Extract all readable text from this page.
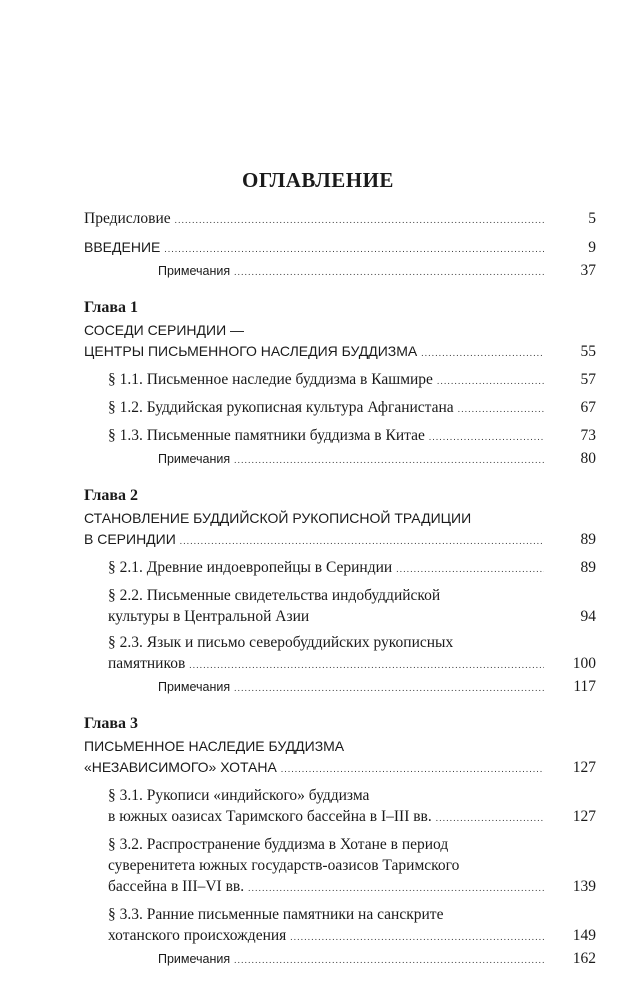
ОГЛАВЛЕНИЕ
Предисловие . . .	5
ВВЕДЕНИЕ . . .	9
Примечания . . .	37
Глава 1
СОСЕДИ СЕРИНДИИ —
ЦЕНТРЫ ПИСЬМЕННОГО НАСЛЕДИЯ БУДДИЗМА . . .	55
§ 1.1. Письменное наследие буддизма в Кашмире . . .	57
§ 1.2. Буддийская рукописная культура Афганистана . . .	67
§ 1.3. Письменные памятники буддизма в Китае . . .	73
Примечания . . .	80
Глава 2
СТАНОВЛЕНИЕ БУДДИЙСКОЙ РУКОПИСНОЙ ТРАДИЦИИ
В СЕРИНДИИ . . .	89
§ 2.1. Древние индоевропейцы в Сериндии . . .	89
§ 2.2. Письменные свидетельства индобуддийской
культуры в Центральной Азии	94
§ 2.3. Язык и письмо северобуддийских рукописных
памятников . . .	100
Примечания . . .	117
Глава 3
ПИСЬМЕННОЕ НАСЛЕДИЕ БУДДИЗМА
«НЕЗАВИСИМОГО» ХОТАНА . . .	127
§ 3.1. Рукописи «индийского» буддизма
в южных оазисах Таримского бассейна в I–III вв. . . .	127
§ 3.2. Распространение буддизма в Хотане в период
суверенитета южных государств-оазисов Таримского
бассейна в III–VI вв. . . .	139
§ 3.3. Ранние письменные памятники на санскрите
хотанского происхождения . . .	149
Примечания . . .	162
